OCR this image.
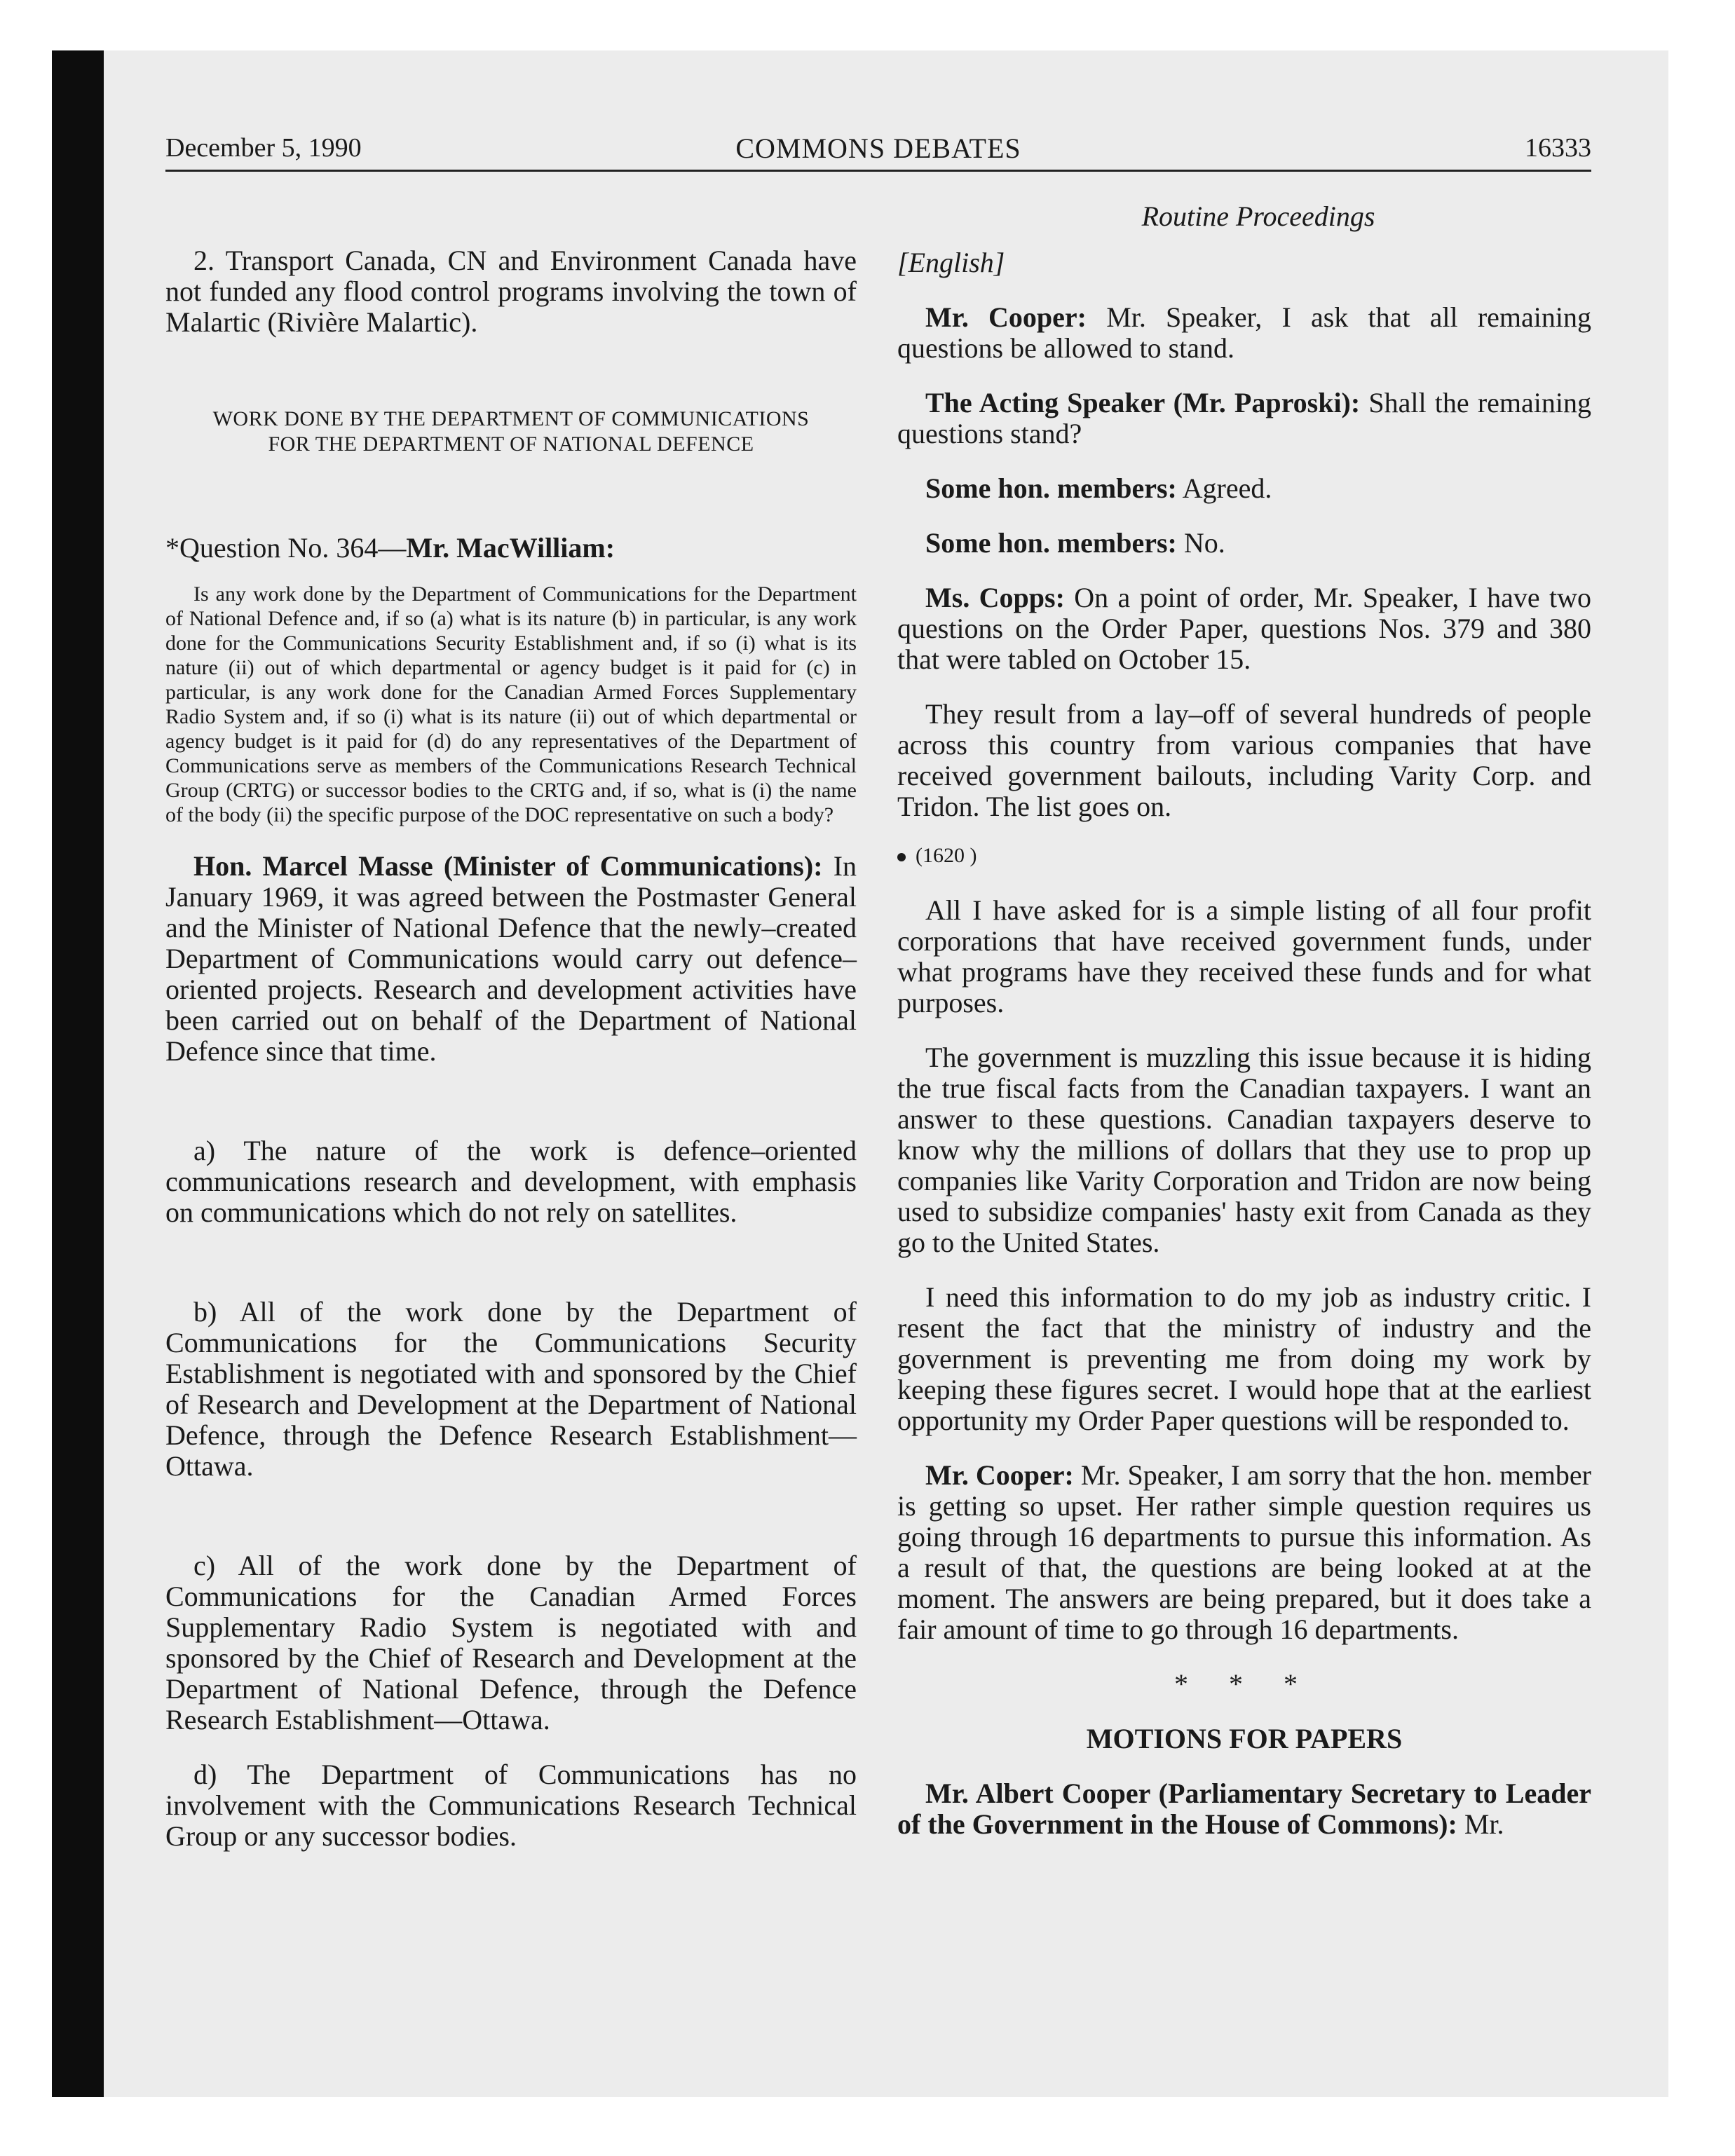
December 5, 1990	COMMONS DEBATES	16333

2. Transport Canada, CN and Environment Canada have not funded any flood control programs involving the town of Malartic (Rivière Malartic).

WORK DONE BY THE DEPARTMENT OF COMMUNICATIONS
FOR THE DEPARTMENT OF NATIONAL DEFENCE

*Question No. 364—Mr. MacWilliam:

Is any work done by the Department of Communications for the Department of National Defence and, if so (a) what is its nature (b) in particular, is any work done for the Communications Security Establishment and, if so (i) what is its nature (ii) out of which departmental or agency budget is it paid for (c) in particular, is any work done for the Canadian Armed Forces Supplementary Radio System and, if so (i) what is its nature (ii) out of which departmental or agency budget is it paid for (d) do any representatives of the Department of Communications serve as members of the Communications Research Technical Group (CRTG) or successor bodies to the CRTG and, if so, what is (i) the name of the body (ii) the specific purpose of the DOC representative on such a body?

Hon. Marcel Masse (Minister of Communications): In January 1969, it was agreed between the Postmaster General and the Minister of National Defence that the newly–created Department of Communications would carry out defence–oriented projects. Research and development activities have been carried out on behalf of the Department of National Defence since that time.

a) The nature of the work is defence–oriented communications research and development, with emphasis on communications which do not rely on satellites.

b) All of the work done by the Department of Communications for the Communications Security Establishment is negotiated with and sponsored by the Chief of Research and Development at the Department of National Defence, through the Defence Research Establishment—Ottawa.

c) All of the work done by the Department of Communications for the Canadian Armed Forces Supplementary Radio System is negotiated with and sponsored by the Chief of Research and Development at the Department of National Defence, through the Defence Research Establishment—Ottawa.

d) The Department of Communications has no involvement with the Communications Research Technical Group or any successor bodies.

Routine Proceedings

[English]

Mr. Cooper: Mr. Speaker, I ask that all remaining questions be allowed to stand.

The Acting Speaker (Mr. Paproski): Shall the remaining questions stand?

Some hon. members: Agreed.

Some hon. members: No.

Ms. Copps: On a point of order, Mr. Speaker, I have two questions on the Order Paper, questions Nos. 379 and 380 that were tabled on October 15.

They result from a lay–off of several hundreds of people across this country from various companies that have received government bailouts, including Varity Corp. and Tridon. The list goes on.

(1620 )

All I have asked for is a simple listing of all four profit corporations that have received government funds, under what programs have they received these funds and for what purposes.

The government is muzzling this issue because it is hiding the true fiscal facts from the Canadian taxpayers. I want an answer to these questions. Canadian taxpayers deserve to know why the millions of dollars that they use to prop up companies like Varity Corporation and Tridon are now being used to subsidize companies' hasty exit from Canada as they go to the United States.

I need this information to do my job as industry critic. I resent the fact that the ministry of industry and the government is preventing me from doing my work by keeping these figures secret. I would hope that at the earliest opportunity my Order Paper questions will be responded to.

Mr. Cooper: Mr. Speaker, I am sorry that the hon. member is getting so upset. Her rather simple question requires us going through 16 departments to pursue this information. As a result of that, the questions are being looked at at the moment. The answers are being prepared, but it does take a fair amount of time to go through 16 departments.

* * *

MOTIONS FOR PAPERS

Mr. Albert Cooper (Parliamentary Secretary to Leader of the Government in the House of Commons): Mr.
